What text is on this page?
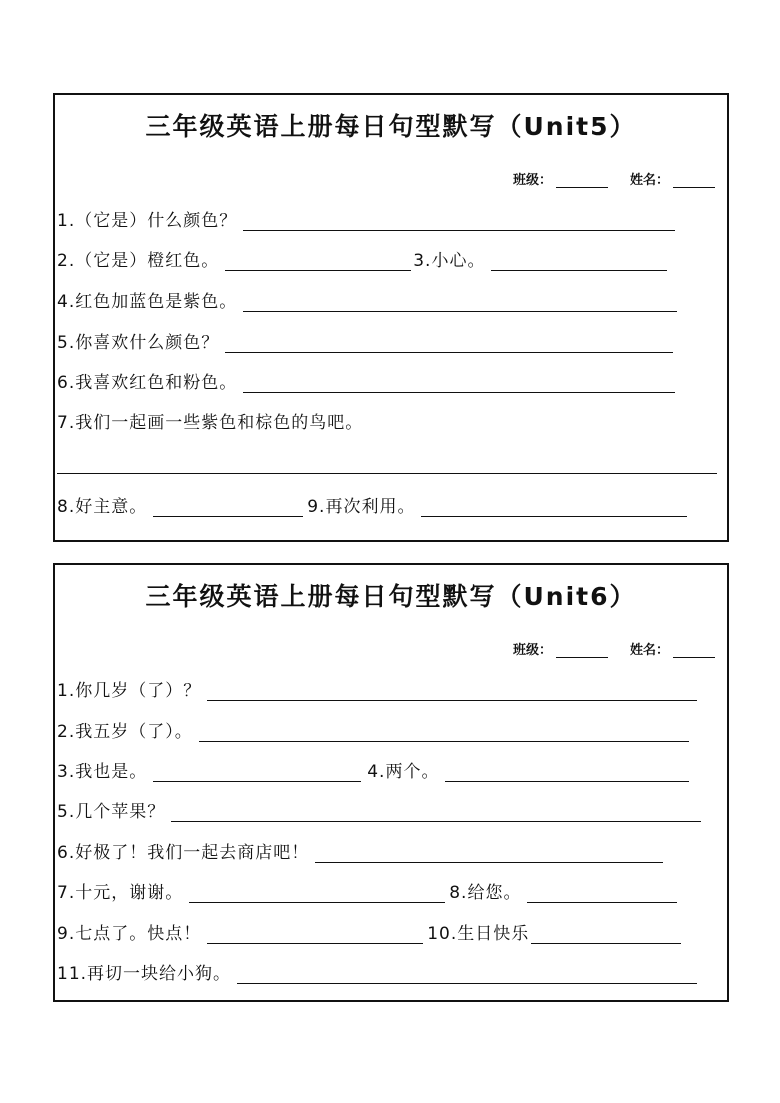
三年级英语上册每日句型默写（Unit5）
班级：	姓名：
1.（它是）什么颜色？
2.（它是）橙红色。	3.小心。
4.红色加蓝色是紫色。
5.你喜欢什么颜色？
6.我喜欢红色和粉色。
7.我们一起画一些紫色和棕色的鸟吧。
8.好主意。	9.再次利用。
三年级英语上册每日句型默写（Unit6）
班级：	姓名：
1.你几岁（了）？
2.我五岁（了）。
3.我也是。	4.两个。
5.几个苹果？
6.好极了！我们一起去商店吧！
7.十元，谢谢。	8.给您。
9.七点了。快点！	10.生日快乐
11.再切一块给小狗。
